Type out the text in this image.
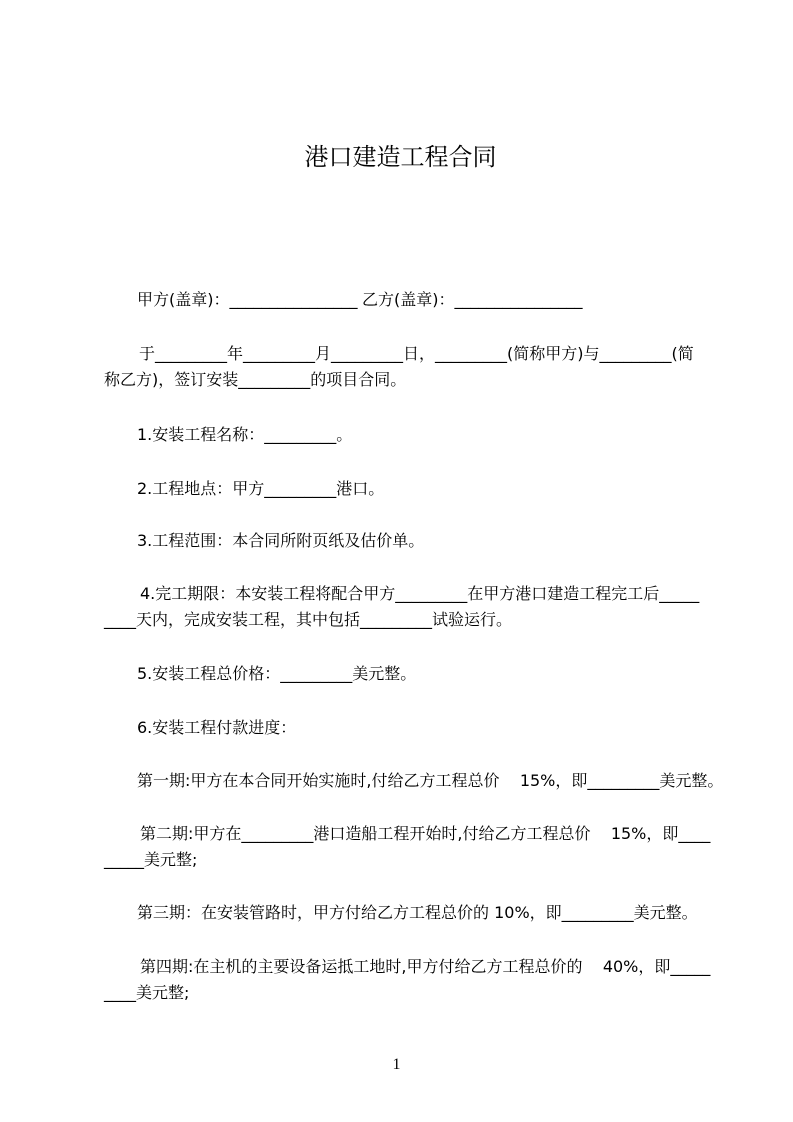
港口建造工程合同
甲方(盖章)：________________ 乙方(盖章)：________________
于_________年_________月_________日，_________(简称甲方)与_________(简
称乙方)，签订安装_________的项目合同。
1.安装工程名称：_________。
2.工程地点：甲方_________港口。
3.工程范围：本合同所附页纸及估价单。
4.完工期限：本安装工程将配合甲方_________在甲方港口建造工程完工后_____
____天内，完成安装工程，其中包括_________试验运行。
5.安装工程总价格：_________美元整。
6.安装工程付款进度：
第一期:甲方在本合同开始实施时,付给乙方工程总价    15%，即_________美元整。
第二期:甲方在_________港口造船工程开始时,付给乙方工程总价    15%，即____
_____美元整;
第三期：在安装管路时，甲方付给乙方工程总价的 10%，即_________美元整。
第四期:在主机的主要设备运抵工地时,甲方付给乙方工程总价的    40%，即_____
____美元整;
1
